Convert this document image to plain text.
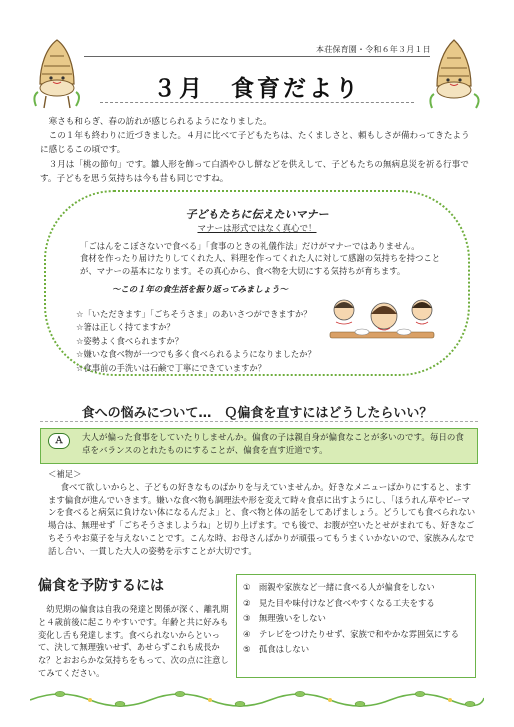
本荘保育園・令和６年３月１日
３月　食育だより

寒さも和らぎ、春の訪れが感じられるようになりました。

この１年も終わりに近づきました。４月に比べて子どもたちは、たくましさと、頼もしさが備わってきたように感じるこの頃です。

３月は「桃の節句」です。雛人形を飾って白酒やひし餅などを供えして、子どもたちの無病息災を祈る行事です。子どもを思う気持ちは今も昔も同じですね。

子どもたちに伝えたいマナー
マナーは形式ではなく真心で！

「ごはんをこぼさないで食べる」「食事のときの礼儀作法」だけがマナーではありません。

食材を作ったり届けたりしてくれた人、料理を作ってくれた人に対して感謝の気持ちを持つことが、マナーの基本になります。その真心から、食べ物を大切にする気持ちが育ちます。

～この１年の食生活を振り返ってみましょう～
☆「いただきます」「ごちそうさま」のあいさつができますか？
☆箸は正しく持てますか？
☆姿勢よく食べられますか？
☆嫌いな食べ物が一つでも多く食べられるようになりましたか？
☆食事前の手洗いは石鹸で丁寧にできていますか？
食への悩みについて…　Ｑ偏食を直すにはどうしたらいい？
Ａ	大人が偏った食事をしていたりしませんか。偏食の子は親自身が偏食なことが多いのです。毎日の食卓をバランスのとれたものにすることが、偏食を直す近道です。
＜補足＞

食べて欲しいからと、子どもの好きなものばかりを与えていませんか。好きなメニューばかりにすると、ますます偏食が進んでいきます。嫌いな食べ物も調理法や形を変えて時々食卓に出すようにし、「ほうれん草やピーマンを食べると病気に負けない体になるんだよ」と、食べ物と体の話をしてあげましょう。どうしても食べられない場合は、無理せず「ごちそうさましようね」と切り上げます。でも後で、お腹が空いたとせがまれても、好きなごちそうやお菓子を与えないことです。こんな時、お母さんばかりが頑張ってもうまくいかないので、家族みんなで話し合い、一貫した大人の姿勢を示すことが大切です。

偏食を予防するには

幼児期の偏食は自我の発達と関係が深く、離乳期と４歳前後に起こりやすいです。年齢と共に好みも変化し舌も発達します。食べられないからといって、決して無理強いせず、あせらずこれも成長かな？とおおらかな気持ちをもって、次の点に注意してみてください。

①　雨親や家族など一緒に食べる人が偏食をしない
②　見た目や味付けなど食べやすくなる工夫をする
③　無理強いをしない
④　テレビをつけたりせず、家族で和やかな雰囲気にする
⑤　孤食はしない
